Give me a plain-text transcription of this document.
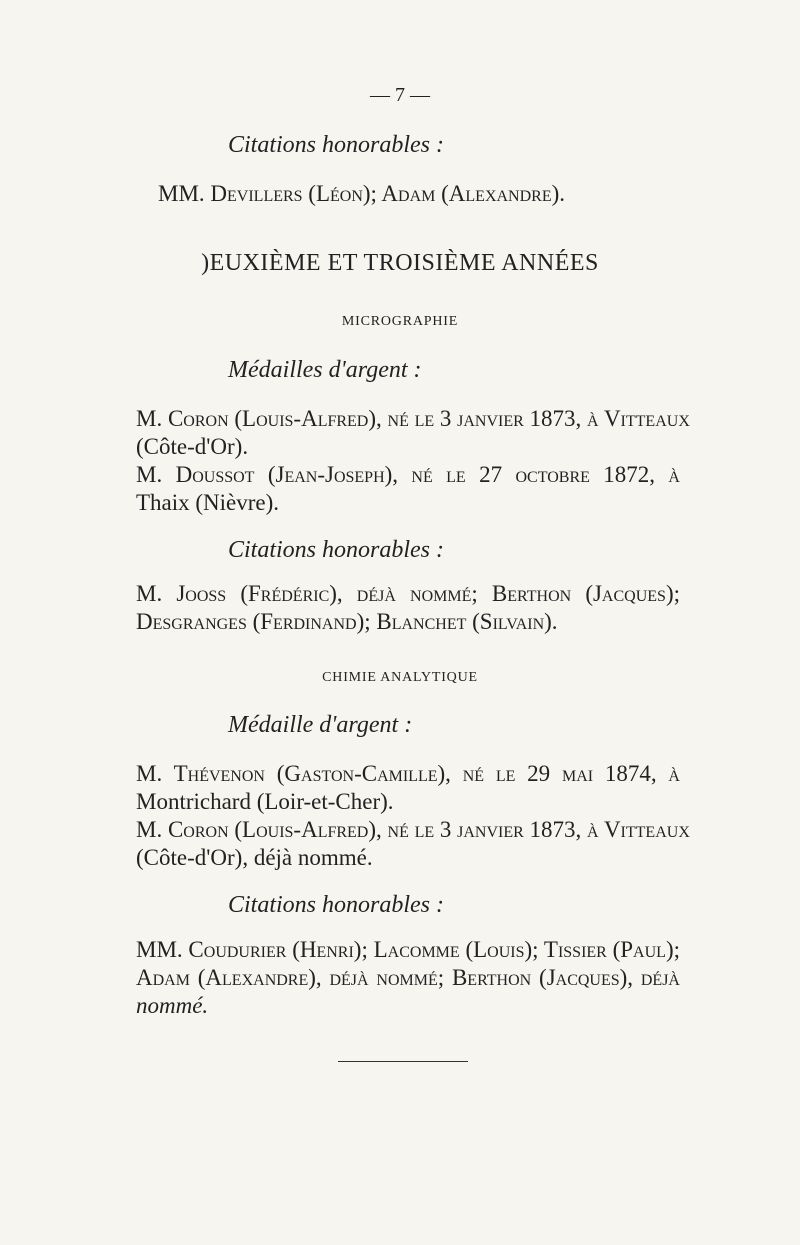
— 7 —
Citations honorables :
MM. Devillers (Léon); Adam (Alexandre).
)EUXIÈME ET TROISIÈME ANNÉES
MICROGRAPHIE
Médailles d'argent :
M. Coron (Louis-Alfred), né le 3 janvier 1873, à Vitteaux
(Côte-d'Or).
M. Doussot (Jean-Joseph), né le 27 octobre 1872, à
Thaix (Nièvre).
Citations honorables :
M. Jooss (Frédéric), déjà nommé; Berthon (Jacques);
Desgranges (Ferdinand); Blanchet (Silvain).
CHIMIE ANALYTIQUE
Médaille d'argent :
M. Thévenon (Gaston-Camille), né le 29 mai 1874, à
Montrichard (Loir-et-Cher).
M. Coron (Louis-Alfred), né le 3 janvier 1873, à Vitteaux
(Côte-d'Or), déjà nommé.
Citations honorables :
MM. Coudurier (Henri); Lacomme (Louis); Tissier (Paul);
Adam (Alexandre), déjà nommé; Berthon (Jacques), déjà
nommé.
